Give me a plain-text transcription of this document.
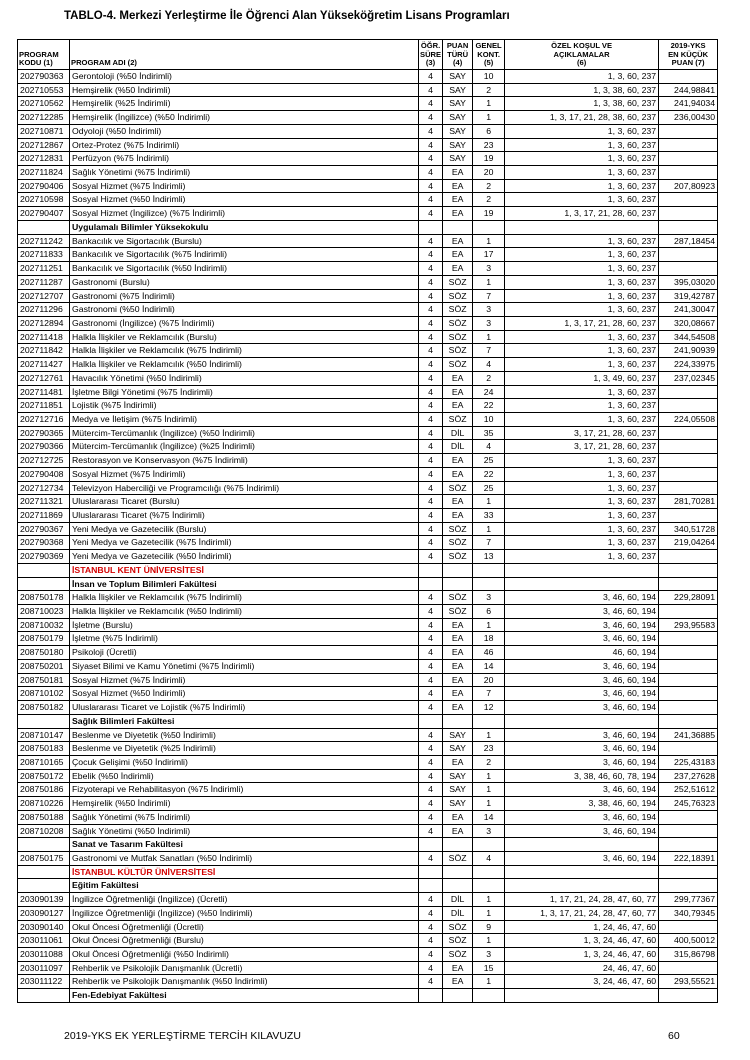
TABLO-4. Merkezi Yerleştirme İle Öğrenci Alan Yükseköğretim Lisans Programları
PROGRAM
KODU (1)	PROGRAM ADI (2)	ÖĞR.
SÜRE
(3)	PUAN
TÜRÜ
(4)	GENEL
KONT.
(5)	ÖZEL KOŞUL VE
AÇIKLAMALAR
(6)	2019-YKS
EN KÜÇÜK
PUAN (7)
202790363	Gerontoloji (%50 İndirimli)	4	SAY	10	1, 3, 60, 237	
202710553	Hemşirelik (%50 İndirimli)	4	SAY	2	1, 3, 38, 60, 237	244,98841
202710562	Hemşirelik (%25 İndirimli)	4	SAY	1	1, 3, 38, 60, 237	241,94034
202712285	Hemşirelik (İngilizce) (%50 İndirimli)	4	SAY	1	1, 3, 17, 21, 28, 38, 60, 237	236,00430
202710871	Odyoloji (%50 İndirimli)	4	SAY	6	1, 3, 60, 237	
202712867	Ortez-Protez (%75 İndirimli)	4	SAY	23	1, 3, 60, 237	
202712831	Perfüzyon (%75 İndirimli)	4	SAY	19	1, 3, 60, 237	
202711824	Sağlık Yönetimi (%75 İndirimli)	4	EA	20	1, 3, 60, 237	
202790406	Sosyal Hizmet (%75 İndirimli)	4	EA	2	1, 3, 60, 237	207,80923
202710598	Sosyal Hizmet (%50 İndirimli)	4	EA	2	1, 3, 60, 237	
202790407	Sosyal Hizmet (İngilizce) (%75 İndirimli)	4	EA	19	1, 3, 17, 21, 28, 60, 237	
	Uygulamalı Bilimler Yüksekokulu					
202711242	Bankacılık ve Sigortacılık (Burslu)	4	EA	1	1, 3, 60, 237	287,18454
202711833	Bankacılık ve Sigortacılık (%75 İndirimli)	4	EA	17	1, 3, 60, 237	
202711251	Bankacılık ve Sigortacılık (%50 İndirimli)	4	EA	3	1, 3, 60, 237	
202711287	Gastronomi (Burslu)	4	SÖZ	1	1, 3, 60, 237	395,03020
202712707	Gastronomi (%75 İndirimli)	4	SÖZ	7	1, 3, 60, 237	319,42787
202711296	Gastronomi (%50 İndirimli)	4	SÖZ	3	1, 3, 60, 237	241,30047
202712894	Gastronomi (İngilizce) (%75 İndirimli)	4	SÖZ	3	1, 3, 17, 21, 28, 60, 237	320,08667
202711418	Halkla İlişkiler ve Reklamcılık (Burslu)	4	SÖZ	1	1, 3, 60, 237	344,54508
202711842	Halkla İlişkiler ve Reklamcılık (%75 İndirimli)	4	SÖZ	7	1, 3, 60, 237	241,90939
202711427	Halkla İlişkiler ve Reklamcılık (%50 İndirimli)	4	SÖZ	4	1, 3, 60, 237	224,33975
202712761	Havacılık Yönetimi (%50 İndirimli)	4	EA	2	1, 3, 49, 60, 237	237,02345
202711481	İşletme Bilgi Yönetimi (%75 İndirimli)	4	EA	24	1, 3, 60, 237	
202711851	Lojistik (%75 İndirimli)	4	EA	22	1, 3, 60, 237	
202712716	Medya ve İletişim (%75 İndirimli)	4	SÖZ	10	1, 3, 60, 237	224,05508
202790365	Mütercim-Tercümanlık (İngilizce) (%50 İndirimli)	4	DİL	35	3, 17, 21, 28, 60, 237	
202790366	Mütercim-Tercümanlık (İngilizce) (%25 İndirimli)	4	DİL	4	3, 17, 21, 28, 60, 237	
202712725	Restorasyon ve Konservasyon (%75 İndirimli)	4	EA	25	1, 3, 60, 237	
202790408	Sosyal Hizmet (%75 İndirimli)	4	EA	22	1, 3, 60, 237	
202712734	Televizyon Haberciliği ve Programcılığı (%75 İndirimli)	4	SÖZ	25	1, 3, 60, 237	
202711321	Uluslararası Ticaret (Burslu)	4	EA	1	1, 3, 60, 237	281,70281
202711869	Uluslararası Ticaret (%75 İndirimli)	4	EA	33	1, 3, 60, 237	
202790367	Yeni Medya ve Gazetecilik (Burslu)	4	SÖZ	1	1, 3, 60, 237	340,51728
202790368	Yeni Medya ve Gazetecilik (%75 İndirimli)	4	SÖZ	7	1, 3, 60, 237	219,04264
202790369	Yeni Medya ve Gazetecilik (%50 İndirimli)	4	SÖZ	13	1, 3, 60, 237	
	İSTANBUL KENT ÜNİVERSİTESİ					
	İnsan ve Toplum Bilimleri Fakültesi					
208750178	Halkla İlişkiler ve Reklamcılık (%75 İndirimli)	4	SÖZ	3	3, 46, 60, 194	229,28091
208710023	Halkla İlişkiler ve Reklamcılık (%50 İndirimli)	4	SÖZ	6	3, 46, 60, 194	
208710032	İşletme (Burslu)	4	EA	1	3, 46, 60, 194	293,95583
208750179	İşletme (%75 İndirimli)	4	EA	18	3, 46, 60, 194	
208750180	Psikoloji (Ücretli)	4	EA	46	46, 60, 194	
208750201	Siyaset Bilimi ve Kamu Yönetimi (%75 İndirimli)	4	EA	14	3, 46, 60, 194	
208750181	Sosyal Hizmet (%75 İndirimli)	4	EA	20	3, 46, 60, 194	
208710102	Sosyal Hizmet (%50 İndirimli)	4	EA	7	3, 46, 60, 194	
208750182	Uluslararası Ticaret ve Lojistik (%75 İndirimli)	4	EA	12	3, 46, 60, 194	
	Sağlık Bilimleri Fakültesi					
208710147	Beslenme ve Diyetetik (%50 İndirimli)	4	SAY	1	3, 46, 60, 194	241,36885
208750183	Beslenme ve Diyetetik (%25 İndirimli)	4	SAY	23	3, 46, 60, 194	
208710165	Çocuk Gelişimi (%50 İndirimli)	4	EA	2	3, 46, 60, 194	225,43183
208750172	Ebelik (%50 İndirimli)	4	SAY	1	3, 38, 46, 60, 78, 194	237,27628
208750186	Fizyoterapi ve Rehabilitasyon (%75 İndirimli)	4	SAY	1	3, 46, 60, 194	252,51612
208710226	Hemşirelik (%50 İndirimli)	4	SAY	1	3, 38, 46, 60, 194	245,76323
208750188	Sağlık Yönetimi (%75 İndirimli)	4	EA	14	3, 46, 60, 194	
208710208	Sağlık Yönetimi (%50 İndirimli)	4	EA	3	3, 46, 60, 194	
	Sanat ve Tasarım Fakültesi					
208750175	Gastronomi ve Mutfak Sanatları (%50 İndirimli)	4	SÖZ	4	3, 46, 60, 194	222,18391
	İSTANBUL KÜLTÜR ÜNİVERSİTESİ					
	Eğitim Fakültesi					
203090139	İngilizce Öğretmenliği (İngilizce) (Ücretli)	4	DİL	1	1, 17, 21, 24, 28, 47, 60, 77	299,77367
203090127	İngilizce Öğretmenliği (İngilizce) (%50 İndirimli)	4	DİL	1	1, 3, 17, 21, 24, 28, 47, 60, 77	340,79345
203090140	Okul Öncesi Öğretmenliği (Ücretli)	4	SÖZ	9	1, 24, 46, 47, 60	
203011061	Okul Öncesi Öğretmenliği (Burslu)	4	SÖZ	1	1, 3, 24, 46, 47, 60	400,50012
203011088	Okul Öncesi Öğretmenliği (%50 İndirimli)	4	SÖZ	3	1, 3, 24, 46, 47, 60	315,86798
203011097	Rehberlik ve Psikolojik Danışmanlık (Ücretli)	4	EA	15	24, 46, 47, 60	
203011122	Rehberlik ve Psikolojik Danışmanlık (%50 İndirimli)	4	EA	1	3, 24, 46, 47, 60	293,55521
	Fen-Edebiyat Fakültesi					
2019-YKS EK YERLEŞTİRME TERCİH KILAVUZU	60
